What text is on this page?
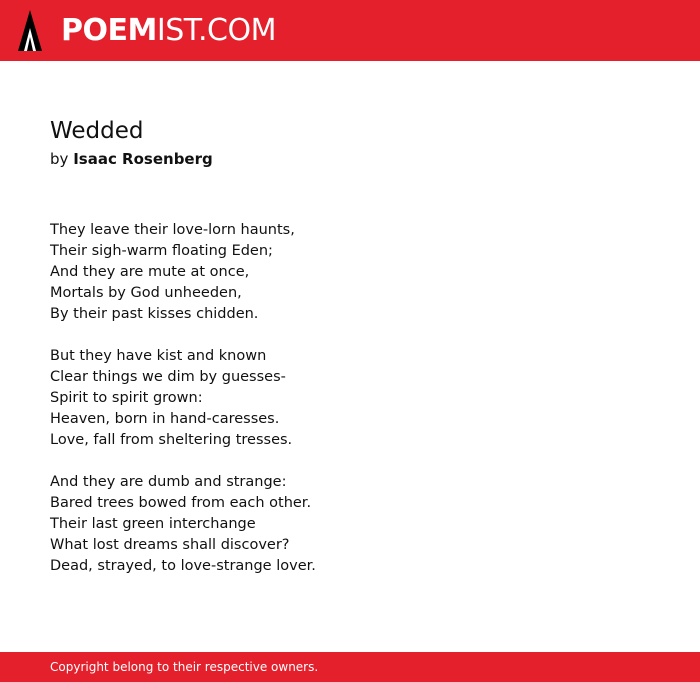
POEMIST.COM
Wedded
by Isaac Rosenberg

They leave their love-lorn haunts,
Their sigh-warm floating Eden;
And they are mute at once,
Mortals by God unheeden,
By their past kisses chidden.

But they have kist and known
Clear things we dim by guesses-
Spirit to spirit grown:
Heaven, born in hand-caresses.
Love, fall from sheltering tresses.

And they are dumb and strange:
Bared trees bowed from each other.
Their last green interchange
What lost dreams shall discover?
Dead, strayed, to love-strange lover.

Copyright belong to their respective owners.
